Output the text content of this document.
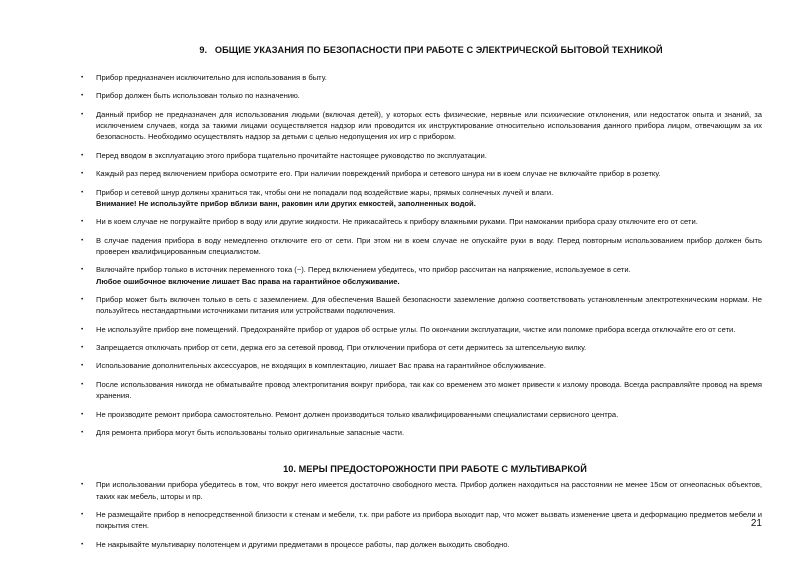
9.   ОБЩИЕ УКАЗАНИЯ ПО БЕЗОПАСНОСТИ ПРИ РАБОТЕ С ЭЛЕКТРИЧЕСКОЙ БЫТОВОЙ ТЕХНИКОЙ
• Прибор предназначен исключительно для использования в быту.
• Прибор должен быть использован только по назначению.
• Данный прибор не предназначен для использования людьми (включая детей), у которых есть физические, нервные или психические отклонения, или недостаток опыта и знаний, за исключением случаев, когда за такими лицами осуществляется надзор или проводится их инструктирование относительно использования данного прибора лицом, отвечающим за их безопасность. Необходимо осуществлять надзор за детьми с целью недопущения их игр с прибором.
• Перед вводом в эксплуатацию этого прибора тщательно прочитайте настоящее руководство по эксплуатации.
• Каждый раз перед включением прибора осмотрите его. При наличии повреждений прибора и сетевого шнура ни в коем случае не включайте прибор в розетку.
• Прибор и сетевой шнур должны храниться так, чтобы они не попадали под воздействие жары, прямых солнечных лучей и влаги.
Внимание! Не используйте прибор вблизи ванн, раковин или других емкостей, заполненных водой.
• Ни в коем случае не погружайте прибор в воду или другие жидкости. Не прикасайтесь к прибору влажными руками. При намокании прибора сразу отключите его от сети.
• В случае падения прибора в воду немедленно отключите его от сети. При этом ни в коем случае не опускайте руки в воду. Перед повторным использованием прибор должен быть проверен квалифицированным специалистом.
• Включайте прибор только в источник переменного тока (~). Перед включением убедитесь, что прибор рассчитан на напряжение, используемое в сети.
Любое ошибочное включение лишает Вас права на гарантийное обслуживание.
• Прибор может быть включен только в сеть с заземлением. Для обеспечения Вашей безопасности заземление должно соответствовать установленным электротехническим нормам. Не пользуйтесь нестандартными источниками питания или устройствами подключения.
• Не используйте прибор вне помещений. Предохраняйте прибор от ударов об острые углы. По окончании эксплуатации, чистке или поломке прибора всегда отключайте его от сети.
• Запрещается отключать прибор от сети, держа его за сетевой провод. При отключении прибора от сети держитесь за штепсельную вилку.
• Использование дополнительных аксессуаров, не входящих в комплектацию, лишает Вас права на гарантийное обслуживание.
• После использования никогда не обматывайте провод электропитания вокруг прибора, так как со временем это может привести к излому провода. Всегда расправляйте провод на время хранения.
• Не производите ремонт прибора самостоятельно. Ремонт должен производиться только квалифицированными специалистами сервисного центра.
• Для ремонта прибора могут быть использованы только оригинальные запасные части.
10. МЕРЫ ПРЕДОСТОРОЖНОСТИ ПРИ РАБОТЕ С МУЛЬТИВАРКОЙ
• При использовании прибора убедитесь в том, что вокруг него имеется достаточно свободного места. Прибор должен находиться на расстоянии не менее 15см от огнеопасных объектов, таких как мебель, шторы и пр.
• Не размещайте прибор в непосредственной близости к стенам и мебели, т.к. при работе из прибора выходит пар, что может вызвать изменение цвета и деформацию предметов мебели и покрытия стен.
• Не накрывайте мультиварку полотенцем и другими предметами в процессе работы, пар должен выходить свободно.
21
